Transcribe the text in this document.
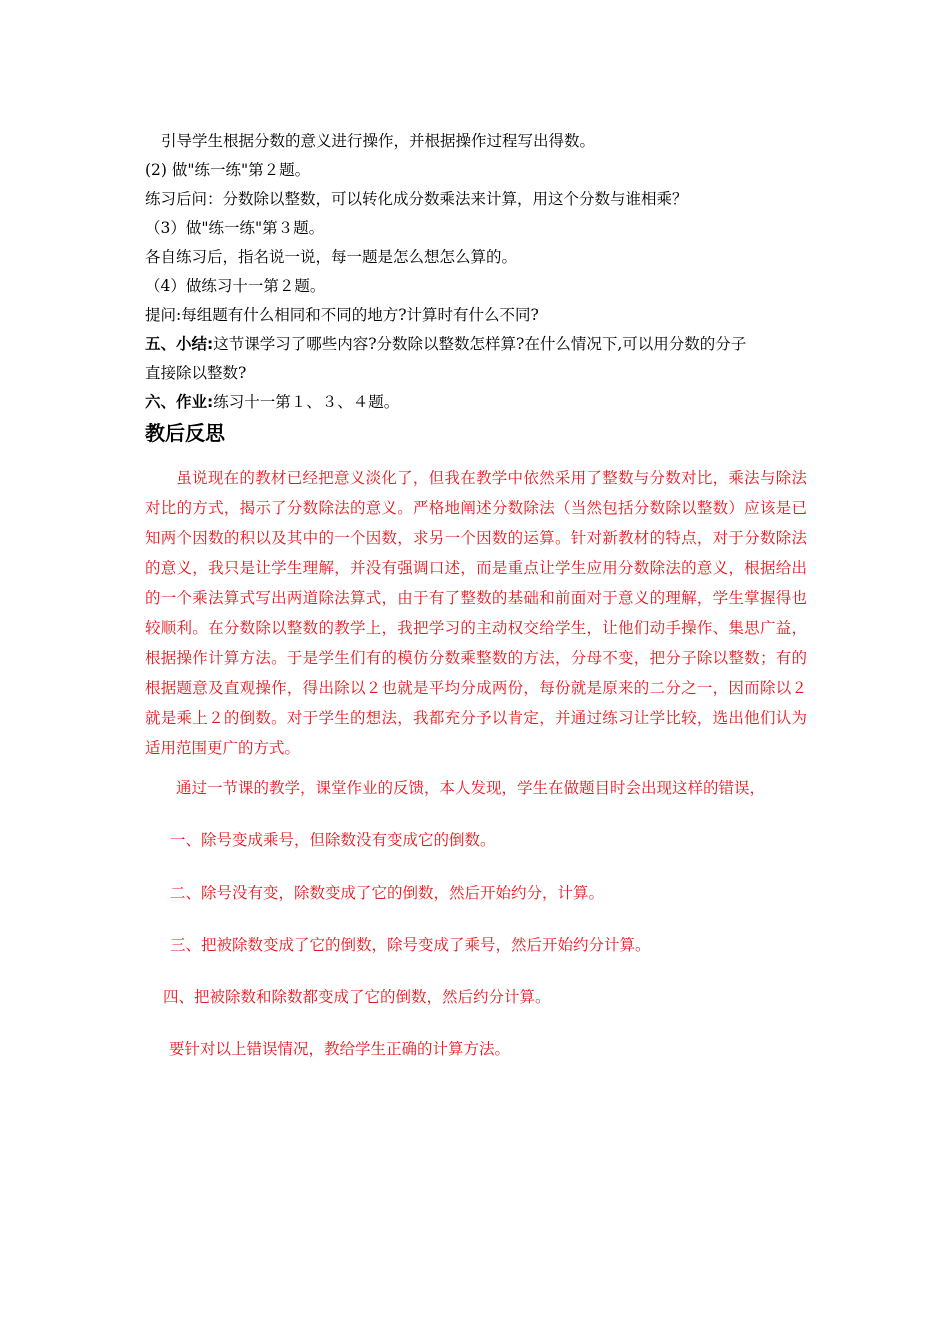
引导学生根据分数的意义进行操作，并根据操作过程写出得数。
(2) 做"练一练"第２题。
练习后问：分数除以整数，可以转化成分数乘法来计算，用这个分数与谁相乘？
（3）做"练一练"第３题。
各自练习后，指名说一说，每一题是怎么想怎么算的。
（4）做练习十一第２题。
提问:每组题有什么相同和不同的地方?计算时有什么不同?
五、小结:这节课学习了哪些内容?分数除以整数怎样算?在什么情况下,可以用分数的分子
直接除以整数?
六、作业:练习十一第１、３、４题。
教后反思
虽说现在的教材已经把意义淡化了，但我在教学中依然采用了整数与分数对比，乘法与除法对比的方式，揭示了分数除法的意义。严格地阐述分数除法（当然包括分数除以整数）应该是已知两个因数的积以及其中的一个因数，求另一个因数的运算。针对新教材的特点，对于分数除法的意义，我只是让学生理解，并没有强调口述，而是重点让学生应用分数除法的意义，根据给出的一个乘法算式写出两道除法算式，由于有了整数的基础和前面对于意义的理解，学生掌握得也较顺利。在分数除以整数的教学上，我把学习的主动权交给学生，让他们动手操作、集思广益，根据操作计算方法。于是学生们有的模仿分数乘整数的方法，分母不变，把分子除以整数；有的根据题意及直观操作，得出除以２也就是平均分成两份，每份就是原来的二分之一，因而除以２就是乘上２的倒数。对于学生的想法，我都充分予以肯定，并通过练习让学比较，选出他们认为适用范围更广的方式。
通过一节课的教学，课堂作业的反馈，本人发现，学生在做题目时会出现这样的错误，
一、除号变成乘号，但除数没有变成它的倒数。
二、除号没有变，除数变成了它的倒数，然后开始约分，计算。
三、把被除数变成了它的倒数，除号变成了乘号，然后开始约分计算。
四、把被除数和除数都变成了它的倒数，然后约分计算。
要针对以上错误情况，教给学生正确的计算方法。
